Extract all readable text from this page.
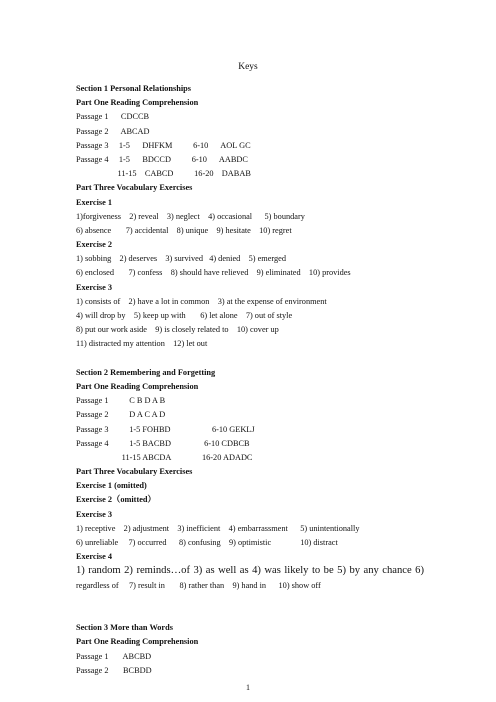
Keys
Section 1 Personal Relationships
Part One Reading Comprehension
Passage 1      CDCCB
Passage 2      ABCAD
Passage 3     1-5      DHFKM          6-10      AOL GC
Passage 4     1-5      BDCCD          6-10      AABDC
11-15    CABCD          16-20    DABAB
Part Three Vocabulary Exercises
Exercise 1
1)forgiveness    2) reveal    3) neglect    4) occasional      5) boundary
6) absence       7) accidental    8) unique    9) hesitate    10) regret
Exercise 2
1) sobbing    2) deserves    3) survived   4) denied    5) emerged
6) enclosed       7) confess    8) should have relieved    9) eliminated    10) provides
Exercise 3
1) consists of    2) have a lot in common    3) at the expense of environment
4) will drop by    5) keep up with       6) let alone    7) out of style
8) put our work aside    9) is closely related to    10) cover up
11) distracted my attention    12) let out
Section 2 Remembering and Forgetting
Part One Reading Comprehension
Passage 1          C B D A B
Passage 2          D A C A D
Passage 3          1-5 FOHBD                    6-10 GEKLJ
Passage 4          1-5 BACBD                6-10 CDBCB
11-15 ABCDA               16-20 ADADC
Part Three Vocabulary Exercises
Exercise 1 (omitted)
Exercise 2（omitted）
Exercise 3
1) receptive    2) adjustment    3) inefficient    4) embarrassment      5) unintentionally
6) unreliable     7) occurred      8) confusing    9) optimistic              10) distract
Exercise 4
1) random 2) reminds…of 3) as well as 4) was likely to be 5) by any chance 6)
regardless of     7) result in       8) rather than    9) hand in      10) show off
Section 3 More than Words
Part One Reading Comprehension
Passage 1       ABCBD
Passage 2       BCBDD
1
